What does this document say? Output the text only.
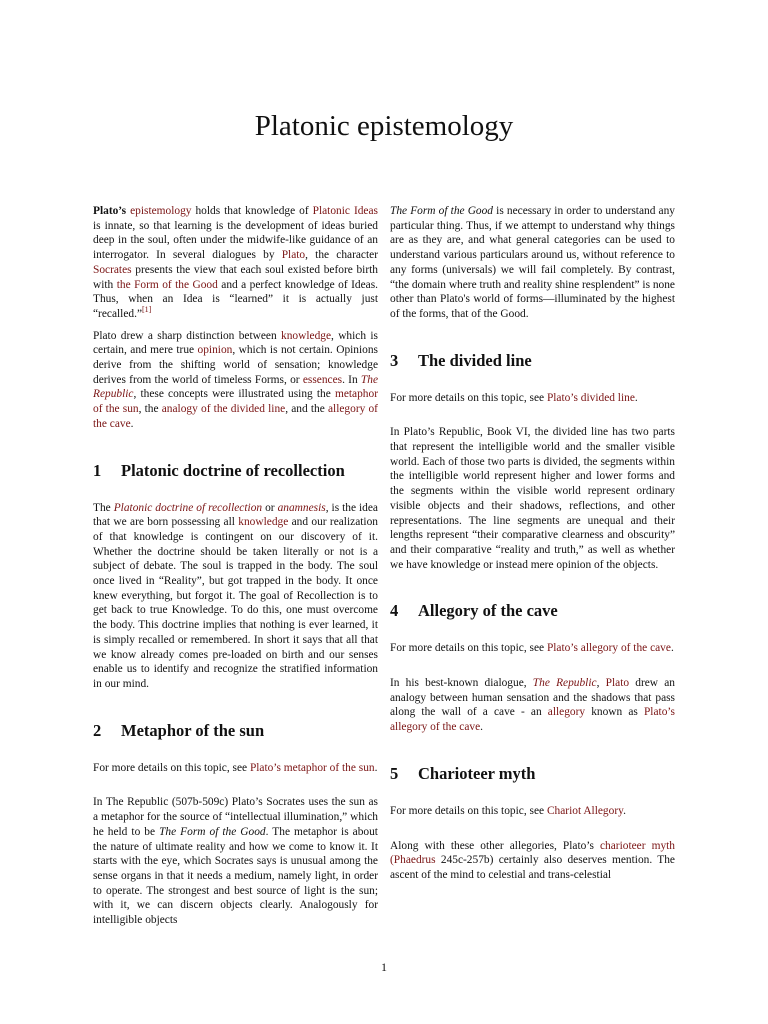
Platonic epistemology

Plato’s epistemology holds that knowledge of Platonic Ideas is innate, so that learning is the development of ideas buried deep in the soul, often under the midwife-like guidance of an interrogator. In several dialogues by Plato, the character Socrates presents the view that each soul existed before birth with the Form of the Good and a perfect knowledge of Ideas. Thus, when an Idea is “learned” it is actually just “recalled.”[1]

Plato drew a sharp distinction between knowledge, which is certain, and mere true opinion, which is not certain. Opinions derive from the shifting world of sensation; knowledge derives from the world of timeless Forms, or essences. In The Republic, these concepts were illustrated using the metaphor of the sun, the analogy of the divided line, and the allegory of the cave.

1	Platonic doctrine of recollection

The Platonic doctrine of recollection or anamnesis, is the idea that we are born possessing all knowledge and our realization of that knowledge is contingent on our discovery of it. Whether the doctrine should be taken literally or not is a subject of debate. The soul is trapped in the body. The soul once lived in “Reality”, but got trapped in the body. It once knew everything, but forgot it. The goal of Recollection is to get back to true Knowledge. To do this, one must overcome the body. This doctrine implies that nothing is ever learned, it is simply recalled or remembered. In short it says that all that we know already comes pre-loaded on birth and our senses enable us to identify and recognize the stratified information in our mind.

2	Metaphor of the sun

For more details on this topic, see Plato’s metaphor of the sun.

In The Republic (507b-509c) Plato’s Socrates uses the sun as a metaphor for the source of “intellectual illumination,” which he held to be The Form of the Good. The metaphor is about the nature of ultimate reality and how we come to know it. It starts with the eye, which Socrates says is unusual among the sense organs in that it needs a medium, namely light, in order to operate. The strongest and best source of light is the sun; with it, we can discern objects clearly. Analogously for intelligible objects

The Form of the Good is necessary in order to understand any particular thing. Thus, if we attempt to understand why things are as they are, and what general categories can be used to understand various particulars around us, without reference to any forms (universals) we will fail completely. By contrast, “the domain where truth and reality shine resplendent” is none other than Plato's world of forms—illuminated by the highest of the forms, that of the Good.

3	The divided line

For more details on this topic, see Plato’s divided line.

In Plato’s Republic, Book VI, the divided line has two parts that represent the intelligible world and the smaller visible world. Each of those two parts is divided, the segments within the intelligible world represent higher and lower forms and the segments within the visible world represent ordinary visible objects and their shadows, reflections, and other representations. The line segments are unequal and their lengths represent “their comparative clearness and obscurity” and their comparative “reality and truth,” as well as whether we have knowledge or instead mere opinion of the objects.

4	Allegory of the cave

For more details on this topic, see Plato’s allegory of the cave.

In his best-known dialogue, The Republic, Plato drew an analogy between human sensation and the shadows that pass along the wall of a cave - an allegory known as Plato’s allegory of the cave.

5	Charioteer myth

For more details on this topic, see Chariot Allegory.

Along with these other allegories, Plato’s charioteer myth (Phaedrus 245c-257b) certainly also deserves mention. The ascent of the mind to celestial and trans-celestial

1
